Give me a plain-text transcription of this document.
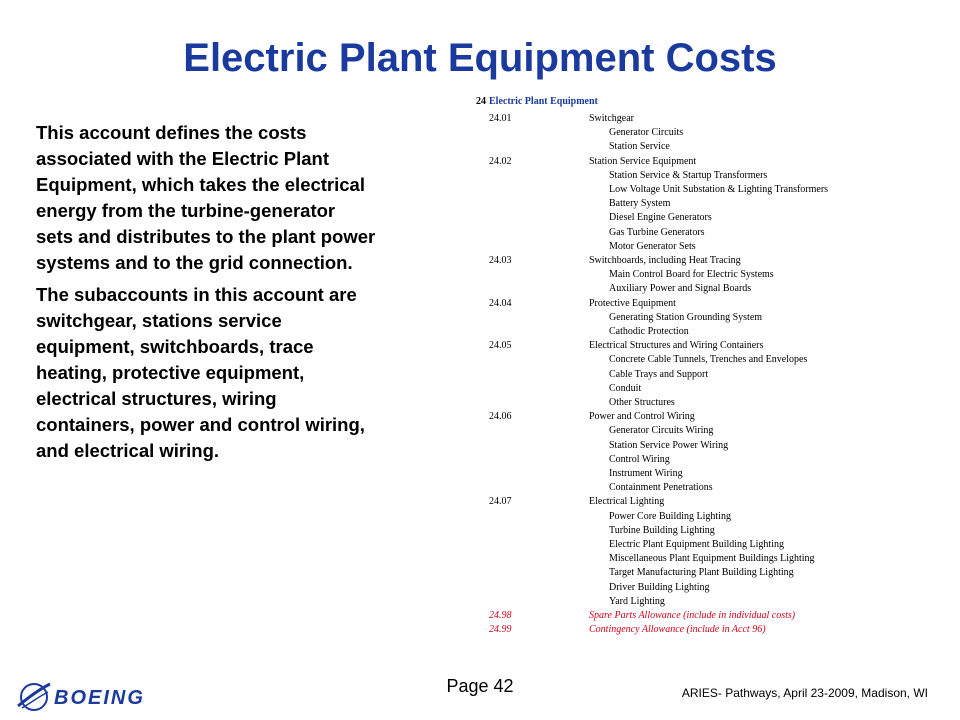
Electric Plant Equipment Costs

This account defines the costs associated with the Electric Plant Equipment, which takes the electrical energy from the turbine-generator sets and distributes to the plant power systems and to the grid connection.

The subaccounts in this account are switchgear, stations service equipment, switchboards, trace heating, protective equipment, electrical structures, wiring containers, power and control wiring, and electrical wiring.

24 Electric Plant Equipment
24.01	Switchgear
Generator Circuits
Station Service
24.02	Station Service Equipment
Station Service & Startup Transformers
Low Voltage Unit Substation & Lighting Transformers
Battery System
Diesel Engine Generators
Gas Turbine Generators
Motor Generator Sets
24.03	Switchboards, including Heat Tracing
Main Control Board for Electric Systems
Auxiliary Power and Signal Boards
24.04	Protective Equipment
Generating Station Grounding System
Cathodic Protection
24.05	Electrical Structures and Wiring Containers
Concrete Cable Tunnels, Trenches and Envelopes
Cable Trays and Support
Conduit
Other Structures
24.06	Power and Control Wiring
Generator Circuits Wiring
Station Service Power Wiring
Control Wiring
Instrument Wiring
Containment Penetrations
24.07	Electrical Lighting
Power Core Building Lighting
Turbine Building Lighting
Electric Plant Equipment Building Lighting
Miscellaneous Plant Equipment Buildings Lighting
Target Manufacturing Plant Building Lighting
Driver Building Lighting
Yard Lighting
24.98	Spare Parts Allowance (include in individual costs)
24.99	Contingency Allowance (include in Acct 96)
BOEING
Page 42	ARIES- Pathways, April 23-2009, Madison, WI
